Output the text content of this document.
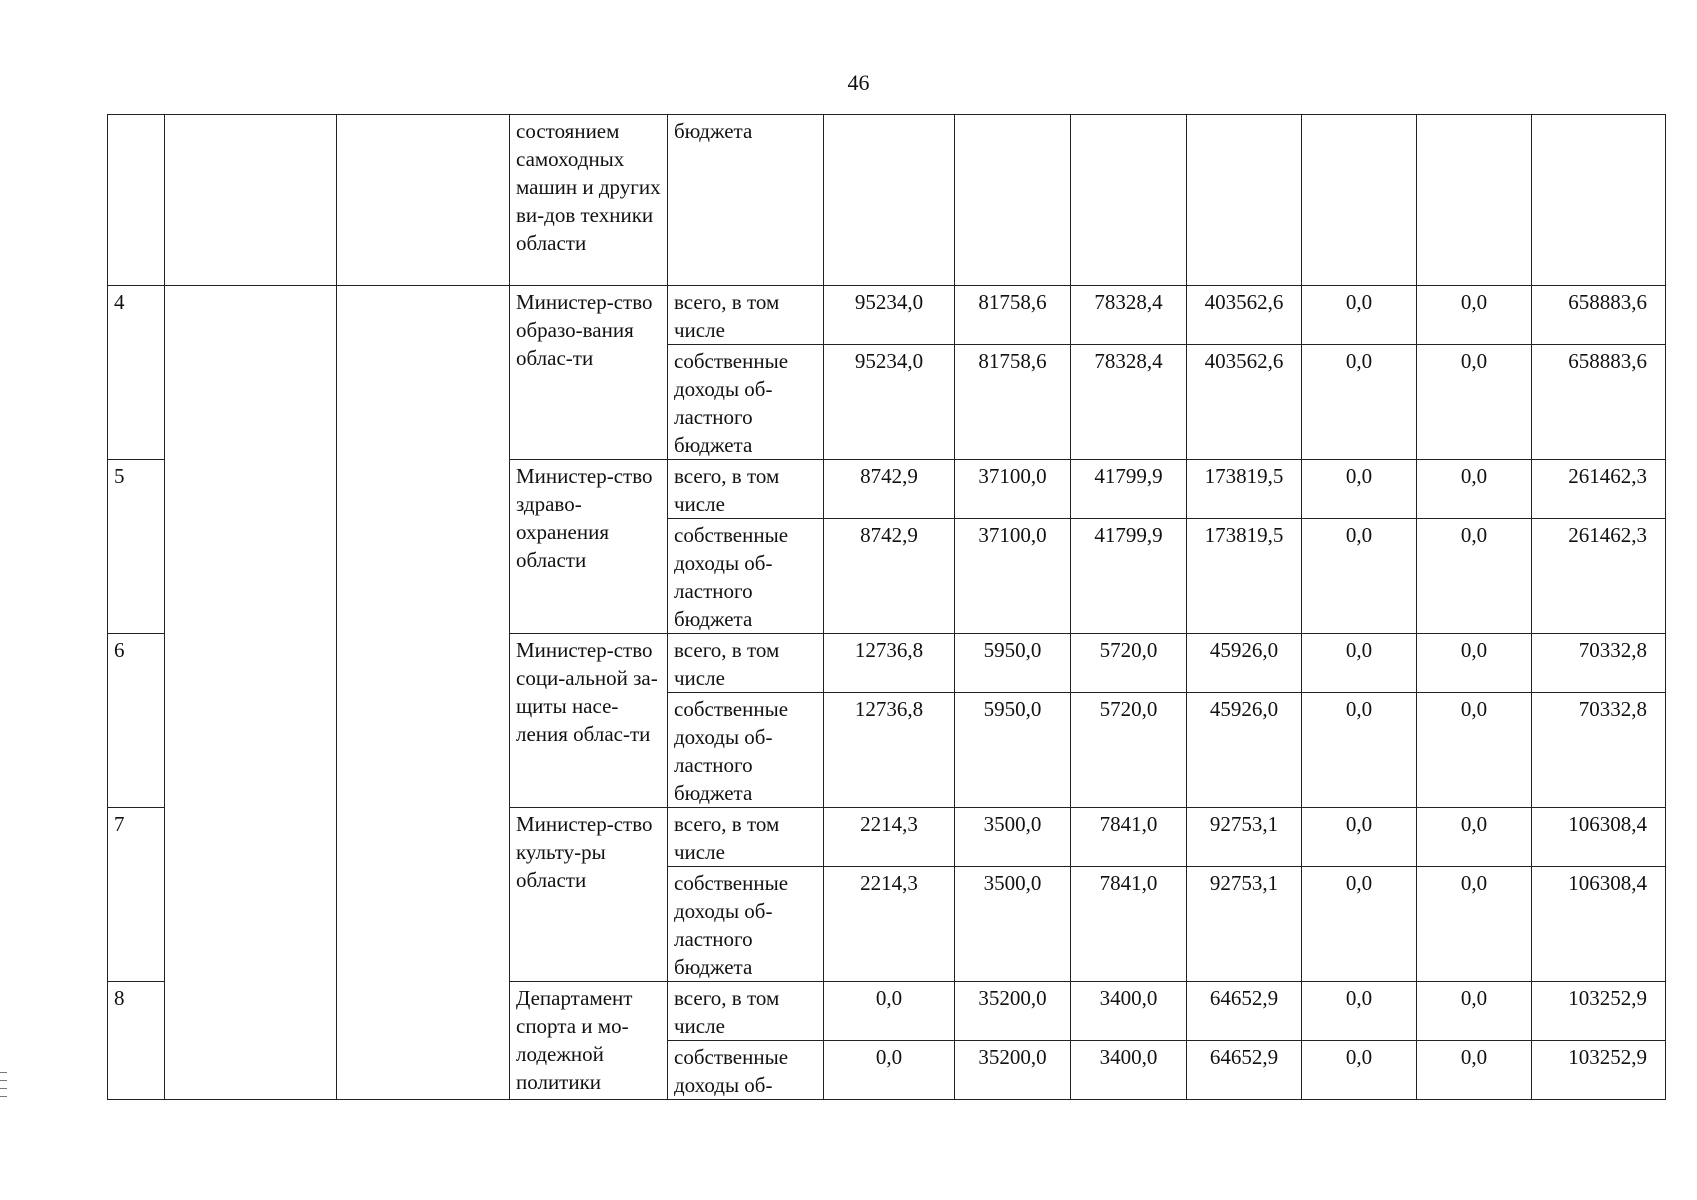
46
			состоянием самоходных машин и других ви-дов техники области	бюджета							
4			Министер-ство образо-вания облас-ти	всего, в том числе	95234,0	81758,6	78328,4	403562,6	0,0	0,0	658883,6
				собственные доходы об-ластного бюджета	95234,0	81758,6	78328,4	403562,6	0,0	0,0	658883,6
5			Министер-ство здраво-охранения области	всего, в том числе	8742,9	37100,0	41799,9	173819,5	0,0	0,0	261462,3
				собственные доходы об-ластного бюджета	8742,9	37100,0	41799,9	173819,5	0,0	0,0	261462,3
6			Министер-ство соци-альной за-щиты насе-ления облас-ти	всего, в том числе	12736,8	5950,0	5720,0	45926,0	0,0	0,0	70332,8
				собственные доходы об-ластного бюджета	12736,8	5950,0	5720,0	45926,0	0,0	0,0	70332,8
7			Министер-ство культу-ры области	всего, в том числе	2214,3	3500,0	7841,0	92753,1	0,0	0,0	106308,4
				собственные доходы об-ластного бюджета	2214,3	3500,0	7841,0	92753,1	0,0	0,0	106308,4
8			Департамент спорта и мо-лодежной политики	всего, в том числе	0,0	35200,0	3400,0	64652,9	0,0	0,0	103252,9
				собственные доходы об-	0,0	35200,0	3400,0	64652,9	0,0	0,0	103252,9
